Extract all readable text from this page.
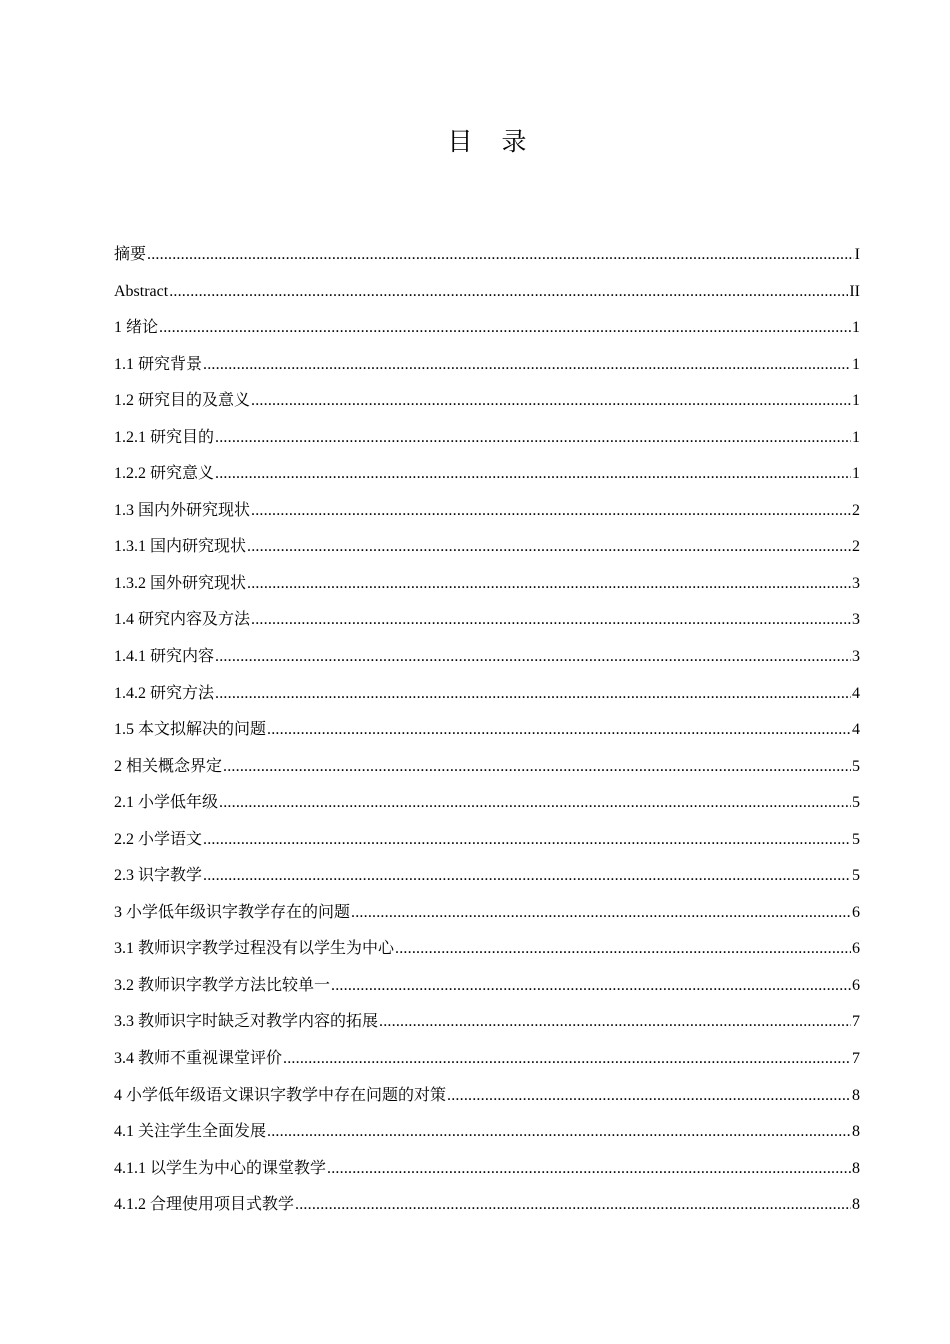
目　录
摘要 .....	I
Abstract .....	II
1 绪论 .....	1
1.1 研究背景 .....	1
1.2 研究目的及意义 .....	1
1.2.1 研究目的 .....	1
1.2.2 研究意义 .....	1
1.3 国内外研究现状 .....	2
1.3.1 国内研究现状 .....	2
1.3.2 国外研究现状 .....	3
1.4 研究内容及方法 .....	3
1.4.1 研究内容 .....	3
1.4.2 研究方法 .....	4
1.5 本文拟解决的问题 .....	4
2 相关概念界定 .....	5
2.1 小学低年级 .....	5
2.2 小学语文 .....	5
2.3 识字教学 .....	5
3 小学低年级识字教学存在的问题 .....	6
3.1 教师识字教学过程没有以学生为中心 .....	6
3.2 教师识字教学方法比较单一 .....	6
3.3 教师识字时缺乏对教学内容的拓展 .....	7
3.4 教师不重视课堂评价 .....	7
4 小学低年级语文课识字教学中存在问题的对策 .....	8
4.1 关注学生全面发展 .....	8
4.1.1 以学生为中心的课堂教学 .....	8
4.1.2 合理使用项目式教学 .....	8
